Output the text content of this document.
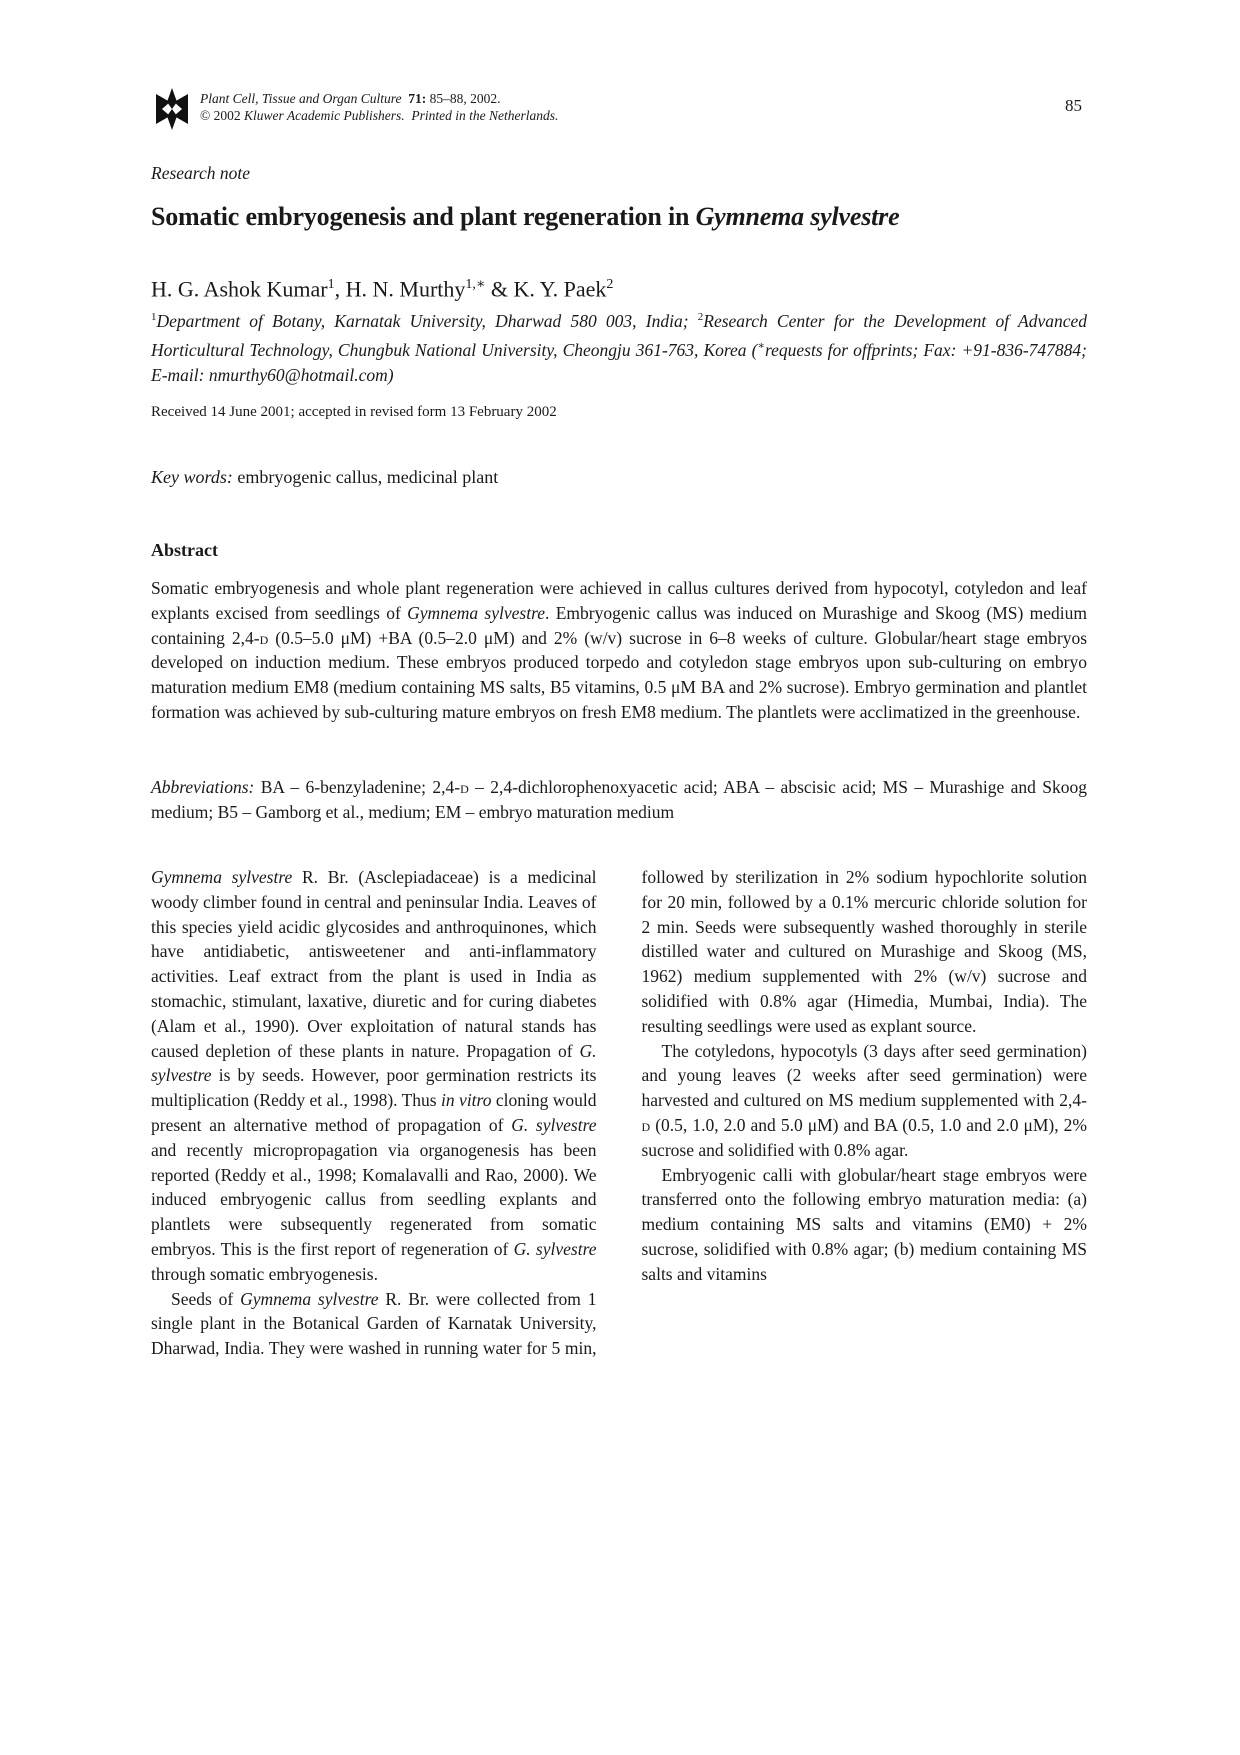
Plant Cell, Tissue and Organ Culture 71: 85–88, 2002.
© 2002 Kluwer Academic Publishers. Printed in the Netherlands.
85
Research note
Somatic embryogenesis and plant regeneration in Gymnema sylvestre
H. G. Ashok Kumar$^1$, H. N. Murthy$^{1,∗}$ & K. Y. Paek$^2$
$^1$Department of Botany, Karnatak University, Dharwad 580 003, India; $^2$Research Center for the Development of Advanced Horticultural Technology, Chungbuk National University, Cheongju 361-763, Korea (∗requests for offprints; Fax: +91-836-747884; E-mail: nmurthy60@hotmail.com)
Received 14 June 2001; accepted in revised form 13 February 2002
Key words: embryogenic callus, medicinal plant
Abstract
Somatic embryogenesis and whole plant regeneration were achieved in callus cultures derived from hypocotyl, cotyledon and leaf explants excised from seedlings of Gymnema sylvestre. Embryogenic callus was induced on Murashige and Skoog (MS) medium containing 2,4-d (0.5–5.0 μM) +BA (0.5–2.0 μM) and 2% (w/v) sucrose in 6–8 weeks of culture. Globular/heart stage embryos developed on induction medium. These embryos produced torpedo and cotyledon stage embryos upon sub-culturing on embryo maturation medium EM8 (medium containing MS salts, B5 vitamins, 0.5 μM BA and 2% sucrose). Embryo germination and plantlet formation was achieved by sub-culturing mature embryos on fresh EM8 medium. The plantlets were acclimatized in the greenhouse.
Abbreviations: BA – 6-benzyladenine; 2,4-d – 2,4-dichlorophenoxyacetic acid; ABA – abscisic acid; MS – Murashige and Skoog medium; B5 – Gamborg et al., medium; EM – embryo maturation medium

Gymnema sylvestre R. Br. (Asclepiadaceae) is a medicinal woody climber found in central and peninsular India. Leaves of this species yield acidic glycosides and anthroquinones, which have antidiabetic, antisweetener and anti-inflammatory activities. Leaf extract from the plant is used in India as stomachic, stimulant, laxative, diuretic and for curing diabetes (Alam et al., 1990). Over exploitation of natural stands has caused depletion of these plants in nature. Propagation of G. sylvestre is by seeds. However, poor germination restricts its multiplication (Reddy et al., 1998). Thus in vitro cloning would present an alternative method of propagation of G. sylvestre and recently micropropagation via organogenesis has been reported (Reddy et al., 1998; Komalavalli and Rao, 2000). We induced embryogenic callus from seedling explants and plantlets were subsequently regenerated from somatic embryos. This is the first report of regeneration of G. sylvestre through somatic embryogenesis.

Seeds of Gymnema sylvestre R. Br. were collected from 1 single plant in the Botanical Garden of Karnatak University, Dharwad, India. They were washed in running water for 5 min, followed by sterilization in 2% sodium hypochlorite solution for 20 min, followed by a 0.1% mercuric chloride solution for 2 min. Seeds were subsequently washed thoroughly in sterile distilled water and cultured on Murashige and Skoog (MS, 1962) medium supplemented with 2% (w/v) sucrose and solidified with 0.8% agar (Himedia, Mumbai, India). The resulting seedlings were used as explant source.

The cotyledons, hypocotyls (3 days after seed germination) and young leaves (2 weeks after seed germination) were harvested and cultured on MS medium supplemented with 2,4-d (0.5, 1.0, 2.0 and 5.0 μM) and BA (0.5, 1.0 and 2.0 μM), 2% sucrose and solidified with 0.8% agar.

Embryogenic calli with globular/heart stage embryos were transferred onto the following embryo maturation media: (a) medium containing MS salts and vitamins (EM0) + 2% sucrose, solidified with 0.8% agar; (b) medium containing MS salts and vitamins
